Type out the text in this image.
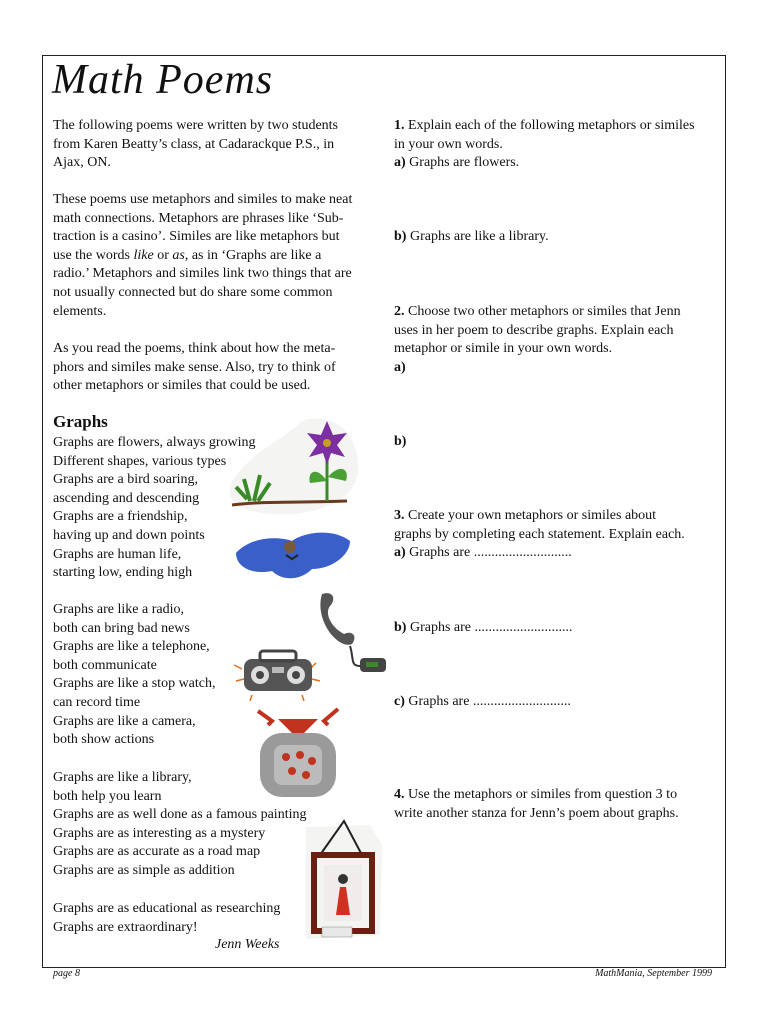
Math Poems
The following poems were written by two students
from Karen Beatty’s class, at Cadarackque P.S., in
Ajax, ON.
These poems use metaphors and similes to make neat
math connections. Metaphors are phrases like ‘Sub-
traction is a casino’. Similes are like metaphors but
use the words like or as, as in ‘Graphs are like a
radio.’ Metaphors and similes link two things that are
not usually connected but do share some common
elements.
As you read the poems, think about how the meta-
phors and similes make sense. Also, try to think of
other metaphors or similes that could be used.
Graphs
Graphs are flowers, always growing
Different shapes, various types
Graphs are a bird soaring,
ascending and descending
Graphs are a friendship,
having up and down points
Graphs are human life,
starting low, ending high
Graphs are like a radio,
both can bring bad news
Graphs are like a telephone,
both communicate
Graphs are like a stop watch,
can record time
Graphs are like a camera,
both show actions
Graphs are like a library,
both help you learn
Graphs are as well done as a famous painting
Graphs are as interesting as a mystery
Graphs are as accurate as a road map
Graphs are as simple as addition
Graphs are as educational as researching
Graphs are extraordinary!
Jenn Weeks
1. Explain each of the following metaphors or similes
in your own words.
a) Graphs are flowers.
b) Graphs are like a library.
2. Choose two other metaphors or similes that Jenn
uses in her poem to describe graphs. Explain each
metaphor or simile in your own words.
a)
b)
3. Create your own metaphors or similes about
graphs by completing each statement. Explain each.
a) Graphs are ............................
b) Graphs are ............................
c) Graphs are ............................
4. Use the metaphors or similes from question 3 to
write another stanza for Jenn’s poem about graphs.
page 8	MathMania, September 1999
